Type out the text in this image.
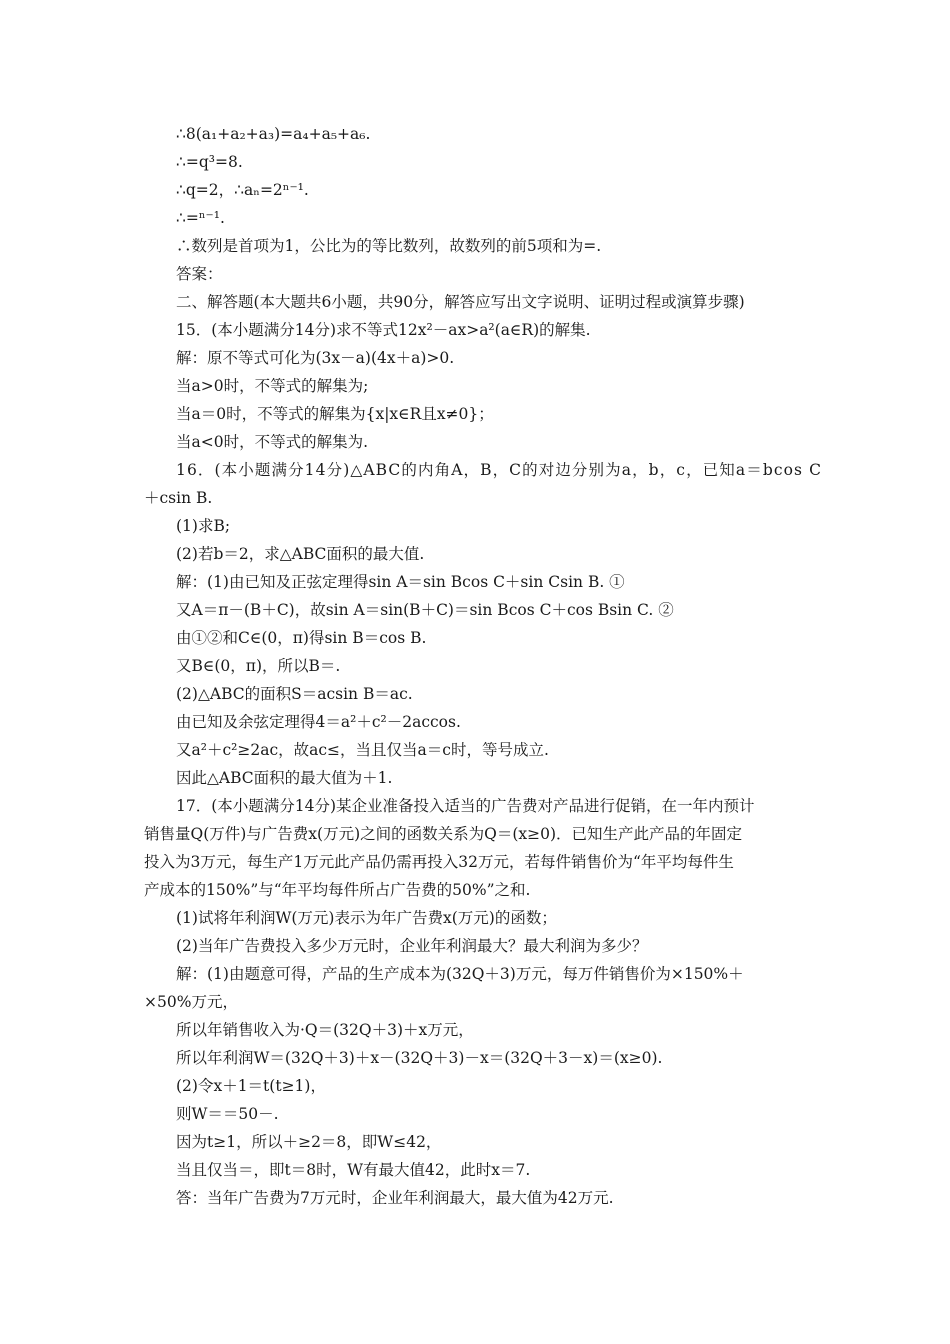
∴8(a₁+a₂+a₃)=a₄+a₅+a₆.
∴=q³=8.
∴q=2，∴aₙ=2ⁿ⁻¹.
∴=ⁿ⁻¹.
∴数列是首项为1，公比为的等比数列，故数列的前5项和为=.
答案：
二、解答题(本大题共6小题，共90分，解答应写出文字说明、证明过程或演算步骤)
15．(本小题满分14分)求不等式12x²－ax>a²(a∈R)的解集.
解：原不等式可化为(3x－a)(4x＋a)>0.
当a>0时，不等式的解集为;
当a＝0时，不等式的解集为{x|x∈R且x≠0}；
当a<0时，不等式的解集为.
16．(本小题满分14分)△ABC的内角A，B，C的对边分别为a，b，c，已知a＝bcos C
＋csin B.
(1)求B;
(2)若b＝2，求△ABC面积的最大值.
解：(1)由已知及正弦定理得sin A＝sin Bcos C＋sin Csin B. ①
又A＝π－(B＋C)，故sin A＝sin(B＋C)＝sin Bcos C＋cos Bsin C. ②
由①②和C∈(0，π)得sin B＝cos B.
又B∈(0，π)，所以B＝.
(2)△ABC的面积S＝acsin B＝ac.
由已知及余弦定理得4＝a²＋c²－2accos.
又a²＋c²≥2ac，故ac≤，当且仅当a＝c时，等号成立.
因此△ABC面积的最大值为＋1.
17．(本小题满分14分)某企业准备投入适当的广告费对产品进行促销，在一年内预计
销售量Q(万件)与广告费x(万元)之间的函数关系为Q＝(x≥0)．已知生产此产品的年固定
投入为3万元，每生产1万元此产品仍需再投入32万元，若每件销售价为“年平均每件生
产成本的150%”与“年平均每件所占广告费的50%”之和.
(1)试将年利润W(万元)表示为年广告费x(万元)的函数；
(2)当年广告费投入多少万元时，企业年利润最大？最大利润为多少？
解：(1)由题意可得，产品的生产成本为(32Q＋3)万元，每万件销售价为×150%＋
×50%万元，
所以年销售收入为·Q＝(32Q＋3)＋x万元，
所以年利润W＝(32Q＋3)＋x－(32Q＋3)－x＝(32Q＋3－x)＝(x≥0).
(2)令x＋1＝t(t≥1)，
则W＝＝50－.
因为t≥1，所以＋≥2＝8，即W≤42，
当且仅当＝，即t＝8时，W有最大值42，此时x＝7.
答：当年广告费为7万元时，企业年利润最大，最大值为42万元.
